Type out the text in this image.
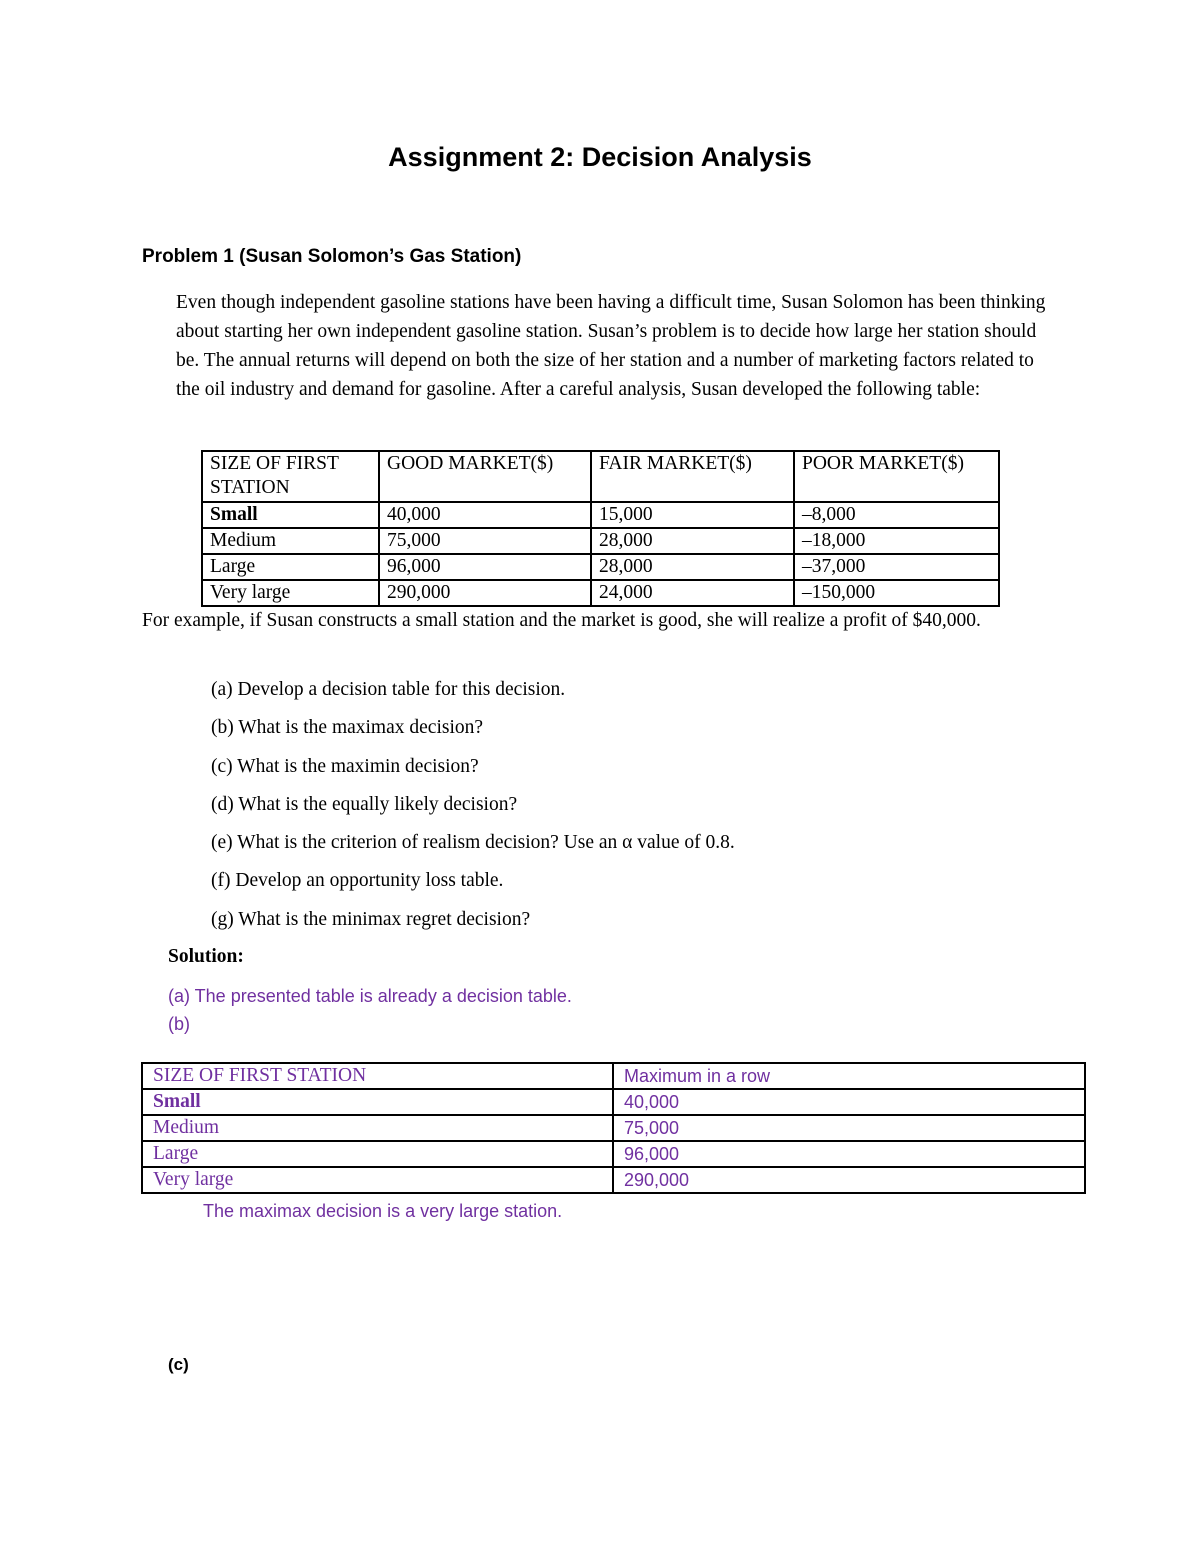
Assignment 2: Decision Analysis
Problem 1 (Susan Solomon’s Gas Station)
Even though independent gasoline stations have been having a difficult time, Susan Solomon has been thinking about starting her own independent gasoline station. Susan’s problem is to decide how large her station should be. The annual returns will depend on both the size of her station and a number of marketing factors related to the oil industry and demand for gasoline. After a careful analysis, Susan developed the following table:
SIZE OF FIRST STATION	GOOD MARKET($)	FAIR MARKET($)	POOR MARKET($)
Small	40,000	15,000	–8,000
Medium	75,000	28,000	–18,000
Large	96,000	28,000	–37,000
Very large	290,000	24,000	–150,000
For example, if Susan constructs a small station and the market is good, she will realize a profit of $40,000.
(a) Develop a decision table for this decision.
(b) What is the maximax decision?
(c) What is the maximin decision?
(d) What is the equally likely decision?
(e) What is the criterion of realism decision? Use an α value of 0.8.
(f) Develop an opportunity loss table.
(g) What is the minimax regret decision?
Solution:
(a) The presented table is already a decision table.
(b)
SIZE OF FIRST STATION	Maximum in a row
Small	40,000
Medium	75,000
Large	96,000
Very large	290,000
The maximax decision is a very large station.
(c)
